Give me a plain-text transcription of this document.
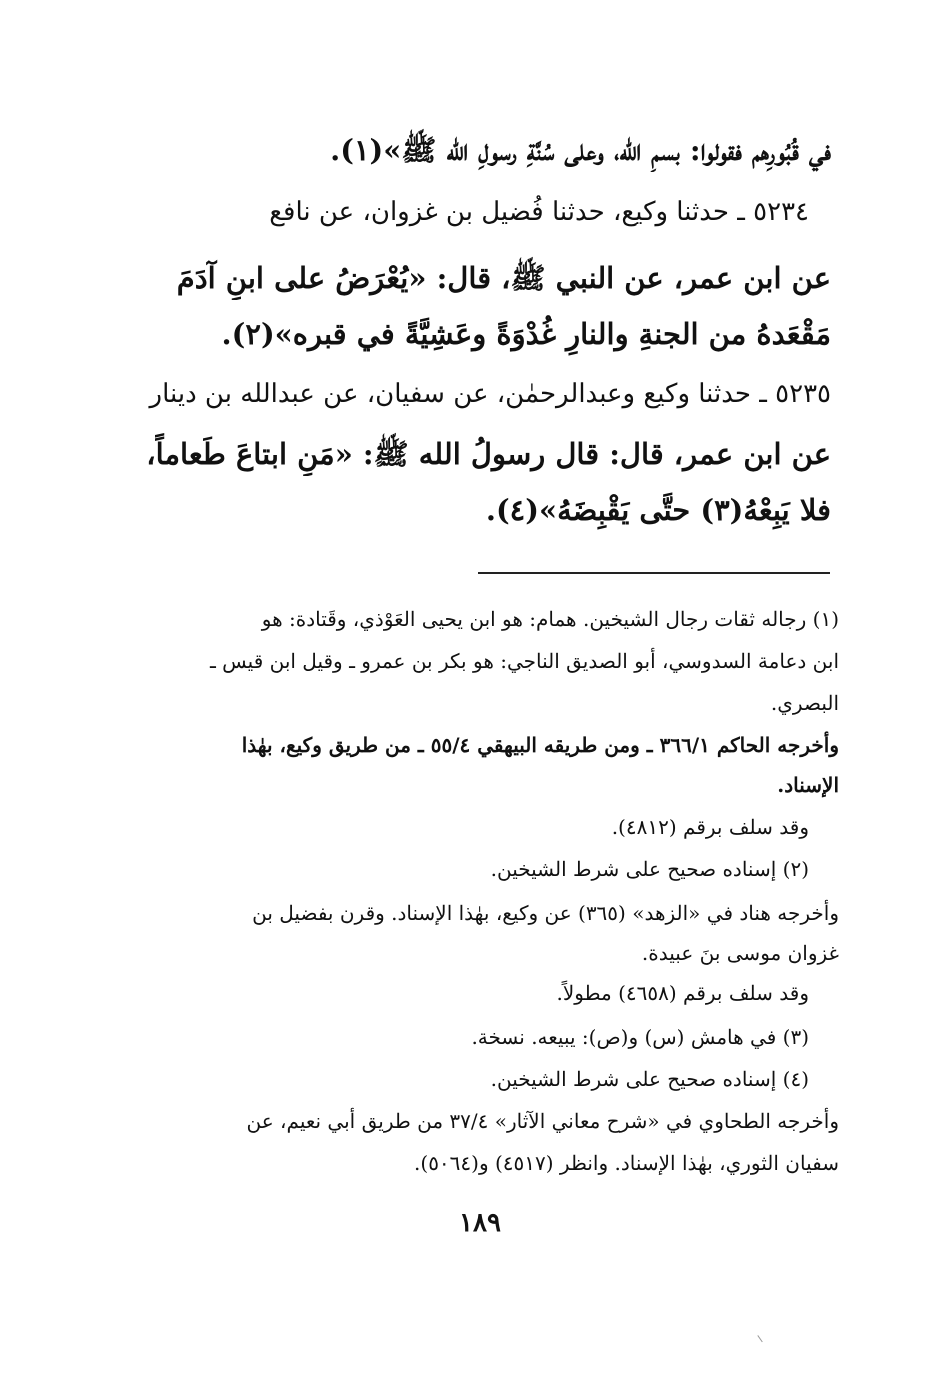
في قُبُورِهم فقولوا: بسمِ الله، وعلى سُنَّةِ رسولِ الله ﷺ»(١).
٥٢٣٤ ـ حدثنا وكيع، حدثنا فُضيل بن غزوان، عن نافع
عن ابن عمر، عن النبي ﷺ، قال: «يُعْرَضُ على ابنِ آدَمَ
مَقْعَدهُ من الجنةِ والنارِ غُدْوَةً وعَشِيَّةً في قبره»(٢).
٥٢٣٥ ـ حدثنا وكيع وعبدالرحمٰن، عن سفيان، عن عبدالله بن دينار
عن ابن عمر، قال: قال رسولُ الله ﷺ: «مَنِ ابتاعَ طَعاماً،
فلا يَبِعْهُ(٣) حتَّى يَقْبِضَهُ»(٤).
(١) رجاله ثقات رجال الشيخين. همام: هو ابن يحيى العَوْذي، وقَتادة: هو
ابن دعامة السدوسي، أبو الصديق الناجي: هو بكر بن عمرو ـ وقيل ابن قيس ـ
البصري.
وأخرجه الحاكم ٣٦٦/١ ـ ومن طريقه البيهقي ٥٥/٤ ـ من طريق وكيع، بهٰذا
الإسناد.
وقد سلف برقم (٤٨١٢).
(٢) إسناده صحيح على شرط الشيخين.
وأخرجه هناد في «الزهد» (٣٦٥) عن وكيع، بهٰذا الإسناد. وقرن بفضيل بن
غزوان موسى بنَ عبيدة.
وقد سلف برقم (٤٦٥٨) مطولاً.
(٣) في هامش (س) و(ص): يبيعه. نسخة.
(٤) إسناده صحيح على شرط الشيخين.
وأخرجه الطحاوي في «شرح معاني الآثار» ٣٧/٤ من طريق أبي نعيم، عن
سفيان الثوري، بهٰذا الإسناد. وانظر (٤٥١٧) و(٥٠٦٤).
١٨٩
